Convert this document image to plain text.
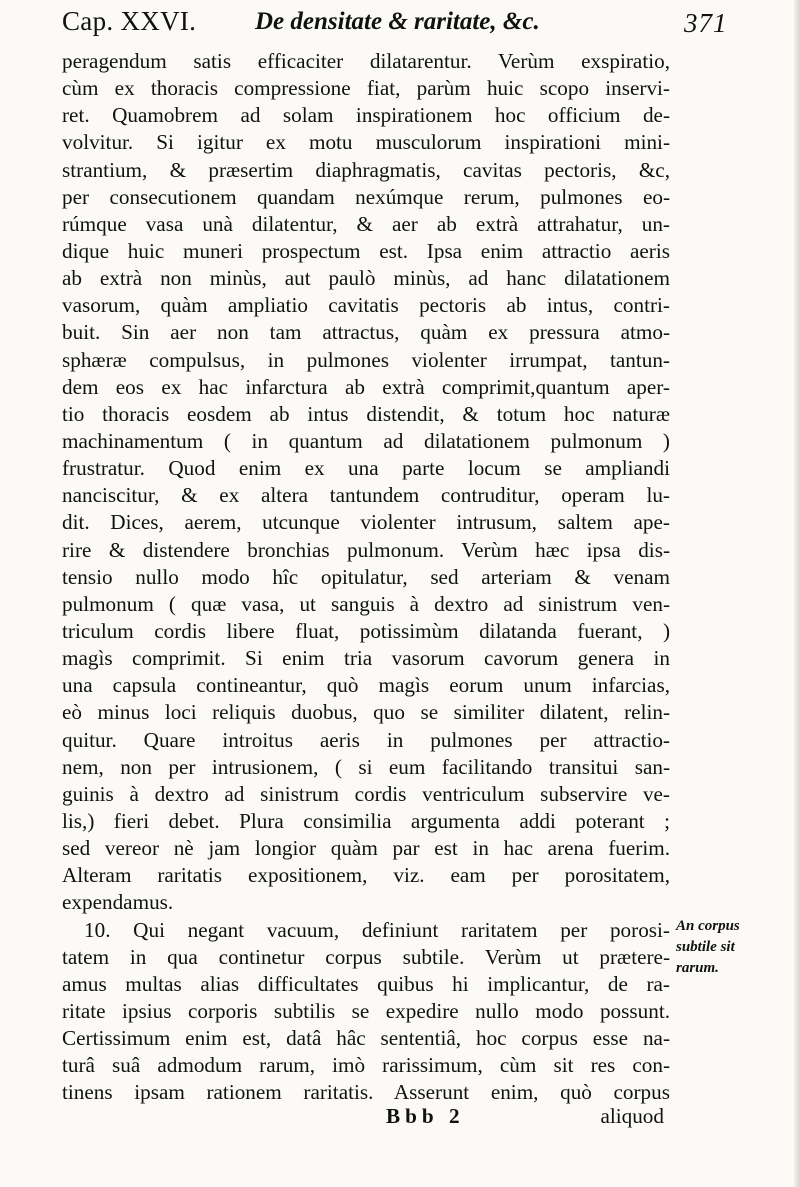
Cap. XXVI. De densitate & raritate, &c.	371
peragendum satis efficaciter dilatarentur. Verùm exspiratio,
cùm ex thoracis compressione fiat, parùm huic scopo inservi-
ret. Quamobrem ad solam inspirationem hoc officium de-
volvitur. Si igitur ex motu musculorum inspirationi mini-
strantium, & præsertim diaphragmatis, cavitas pectoris, &c,
per consecutionem quandam nexúmque rerum, pulmones eo-
rúmque vasa unà dilatentur, & aer ab extrà attrahatur, un-
dique huic muneri prospectum est. Ipsa enim attractio aeris
ab extrà non minùs, aut paulò minùs, ad hanc dilatationem
vasorum, quàm ampliatio cavitatis pectoris ab intus, contri-
buit. Sin aer non tam attractus, quàm ex pressura atmo-
sphæræ compulsus, in pulmones violenter irrumpat, tantun-
dem eos ex hac infarctura ab extrà comprimit,quantum aper-
tio thoracis eosdem ab intus distendit, & totum hoc naturæ
machinamentum ( in quantum ad dilatationem pulmonum )
frustratur. Quod enim ex una parte locum se ampliandi
nanciscitur, & ex altera tantundem contruditur, operam lu-
dit. Dices, aerem, utcunque violenter intrusum, saltem ape-
rire & distendere bronchias pulmonum. Verùm hæc ipsa dis-
tensio nullo modo hîc opitulatur, sed arteriam & venam
pulmonum ( quæ vasa, ut sanguis à dextro ad sinistrum ven-
triculum cordis libere fluat, potissimùm dilatanda fuerant, )
magìs comprimit. Si enim tria vasorum cavorum genera in
una capsula contineantur, quò magìs eorum unum infarcias,
eò minus loci reliquis duobus, quo se similiter dilatent, relin-
quitur. Quare introitus aeris in pulmones per attractio-
nem, non per intrusionem, ( si eum facilitando transitui san-
guinis à dextro ad sinistrum cordis ventriculum subservire ve-
lis,) fieri debet. Plura consimilia argumenta addi poterant ;
sed vereor nè jam longior quàm par est in hac arena fuerim.
Alteram raritatis expositionem, viz. eam per porositatem,
expendamus.
10. Qui negant vacuum, definiunt raritatem per porosi-
tatem in qua continetur corpus subtile. Verùm ut prætere-
amus multas alias difficultates quibus hi implicantur, de ra-
ritate ipsius corporis subtilis se expedire nullo modo possunt.
Certissimum enim est, datâ hâc sententiâ, hoc corpus esse na-
turâ suâ admodum rarum, imò rarissimum, cùm sit res con-
tinens ipsam rationem raritatis. Asserunt enim, quò corpus
An corpus
subtile sit
rarum.
Bbb 2	aliquod
